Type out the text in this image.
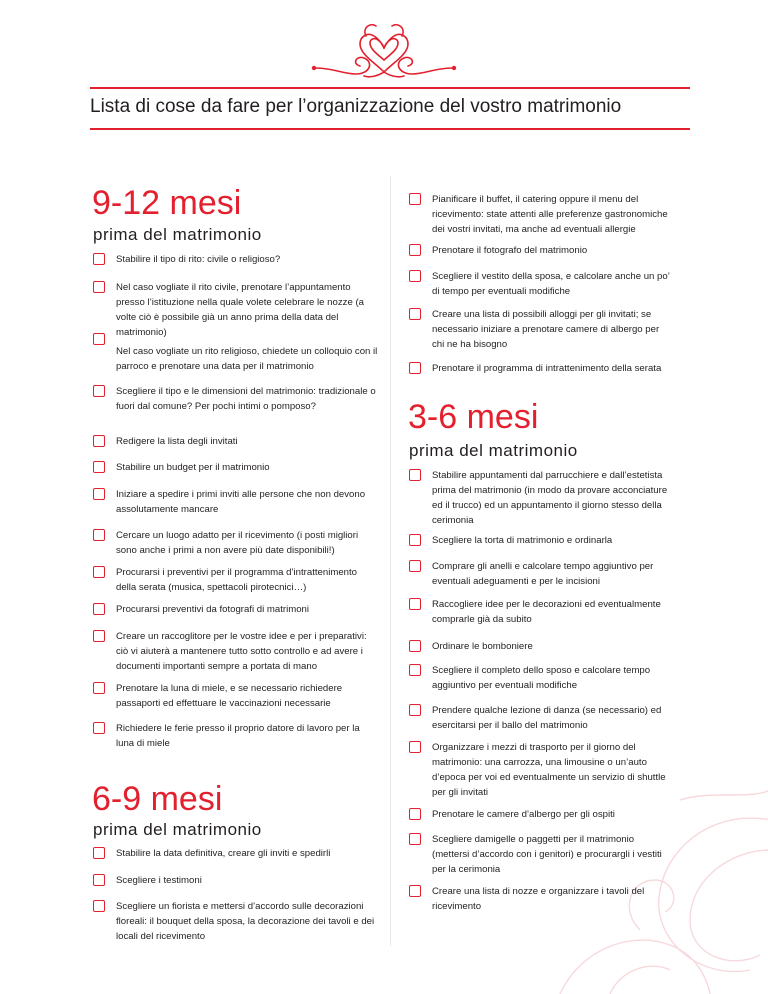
Lista di cose da fare per l’organizzazione del vostro matrimonio
9-12 mesi
prima del matrimonio
Stabilire il tipo di rito: civile o religioso?
Nel caso vogliate il rito civile, prenotare l’appuntamento presso l’istituzione nella quale volete celebrare le nozze (a volte ciò è possibile già un anno prima della data del matrimonio)
Nel caso vogliate un rito religioso, chiedete un colloquio con il parroco e prenotare una data per il matrimonio
Scegliere il tipo e le dimensioni del matrimonio: tradizionale o fuori dal comune? Per pochi intimi o pomposo?
Redigere la lista degli invitati
Stabilire un budget per il matrimonio
Iniziare a spedire i primi inviti alle persone che non devono assolutamente mancare
Cercare un luogo adatto per il ricevimento (i posti migliori sono anche i primi a non avere più date disponibili!)
Procurarsi i preventivi per il programma d’intrattenimento della serata (musica, spettacoli pirotecnici…)
Procurarsi preventivi da fotografi di matrimoni
Creare un raccoglitore per le vostre idee e per i preparativi: ciò vi aiuterà a mantenere tutto sotto controllo e ad avere i documenti importanti sempre a portata di mano
Prenotare la luna di miele, e se necessario richiedere passaporti ed effettuare le vaccinazioni necessarie
Richiedere le ferie presso il proprio datore di lavoro per la luna di miele
6-9 mesi
prima del matrimonio
Stabilire la data definitiva, creare gli inviti e spedirli
Scegliere i testimoni
Scegliere un fiorista e mettersi d’accordo sulle decorazioni floreali: il bouquet della sposa, la decorazione dei tavoli e dei locali del ricevimento
Pianificare il buffet, il catering oppure il menu del ricevimento: state attenti alle preferenze gastronomiche dei vostri invitati, ma anche ad eventuali allergie
Prenotare il fotografo del matrimonio
Scegliere il vestito della sposa, e calcolare anche un po’ di tempo per eventuali modifiche
Creare una lista di possibili alloggi per gli invitati; se necessario iniziare a prenotare camere di albergo per chi ne ha bisogno
Prenotare il programma di intrattenimento della serata
3-6 mesi
prima del matrimonio
Stabilire appuntamenti dal parrucchiere e dall’estetista prima del matrimonio (in modo da provare acconciature ed il trucco) ed un appuntamento il giorno stesso della cerimonia
Scegliere la torta di matrimonio e ordinarla
Comprare gli anelli e calcolare tempo aggiuntivo per eventuali adeguamenti e per le incisioni
Raccogliere idee per le decorazioni ed eventualmente comprarle già da subito
Ordinare le bomboniere
Scegliere il completo dello sposo e calcolare tempo aggiuntivo per eventuali modifiche
Prendere qualche lezione di danza (se necessario) ed esercitarsi per il ballo del matrimonio
Organizzare i mezzi di trasporto per il giorno del matrimonio: una carrozza, una limousine o un’auto d’epoca per voi ed eventualmente un servizio di shuttle per gli invitati
Prenotare le camere d’albergo per gli ospiti
Scegliere damigelle o paggetti per il matrimonio (mettersi d’accordo con i genitori) e procurargli i vestiti per la cerimonia
Creare una lista di nozze e organizzare i tavoli del ricevimento
